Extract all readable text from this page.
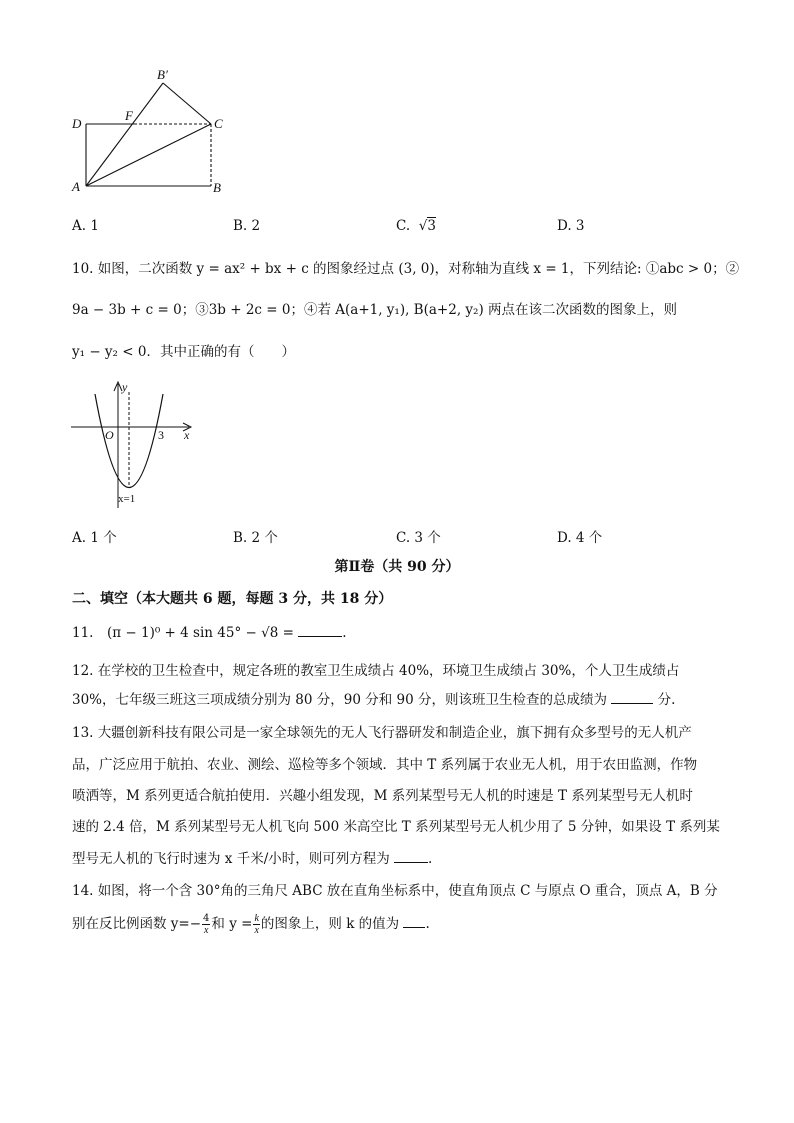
B′
D
F
C
A	B
A. 1	B. 2	C.  √3	D. 3
10. 如图，二次函数 y = ax² + bx + c 的图象经过点 (3, 0)，对称轴为直线 x = 1，下列结论: ①abc > 0；②
9a − 3b + c = 0；③3b + 2c = 0；④若 A(a+1, y₁), B(a+2, y₂) 两点在该二次函数的图象上，则
y₁ − y₂ < 0．其中正确的有（　　）
y
O	3 x
x=1
A. 1 个	B. 2 个	C. 3 个	D. 4 个
第Ⅱ卷（共 90 分）
二、填空（本大题共 6 题，每题 3 分，共 18 分）
11.　(π − 1)⁰ + 4 sin 45° − √8 =	.
12. 在学校的卫生检查中，规定各班的教室卫生成绩占 40%，环境卫生成绩占 30%，个人卫生成绩占
30%，七年级三班这三项成绩分别为 80 分，90 分和 90 分，则该班卫生检查的总成绩为	分.
13. 大疆创新科技有限公司是一家全球领先的无人飞行器研发和制造企业，旗下拥有众多型号的无人机产
品，广泛应用于航拍、农业、测绘、巡检等多个领域．其中 T 系列属于农业无人机，用于农田监测，作物
喷洒等，M 系列更适合航拍使用．兴趣小组发现，M 系列某型号无人机的时速是 T 系列某型号无人机时
速的 2.4 倍，M 系列某型号无人机飞向 500 米高空比 T 系列某型号无人机少用了 5 分钟，如果设 T 系列某
型号无人机的飞行时速为 x 千米/小时，则可列方程为	.
14. 如图，将一个含 30°角的三角尺 ABC 放在直角坐标系中，使直角顶点 C 与原点 O 重合，顶点 A，B 分
别在反比例函数 $y=- \frac{4}{x}$ 和 $y = \frac{k}{x}$ 的图象上，则 k 的值为 .
